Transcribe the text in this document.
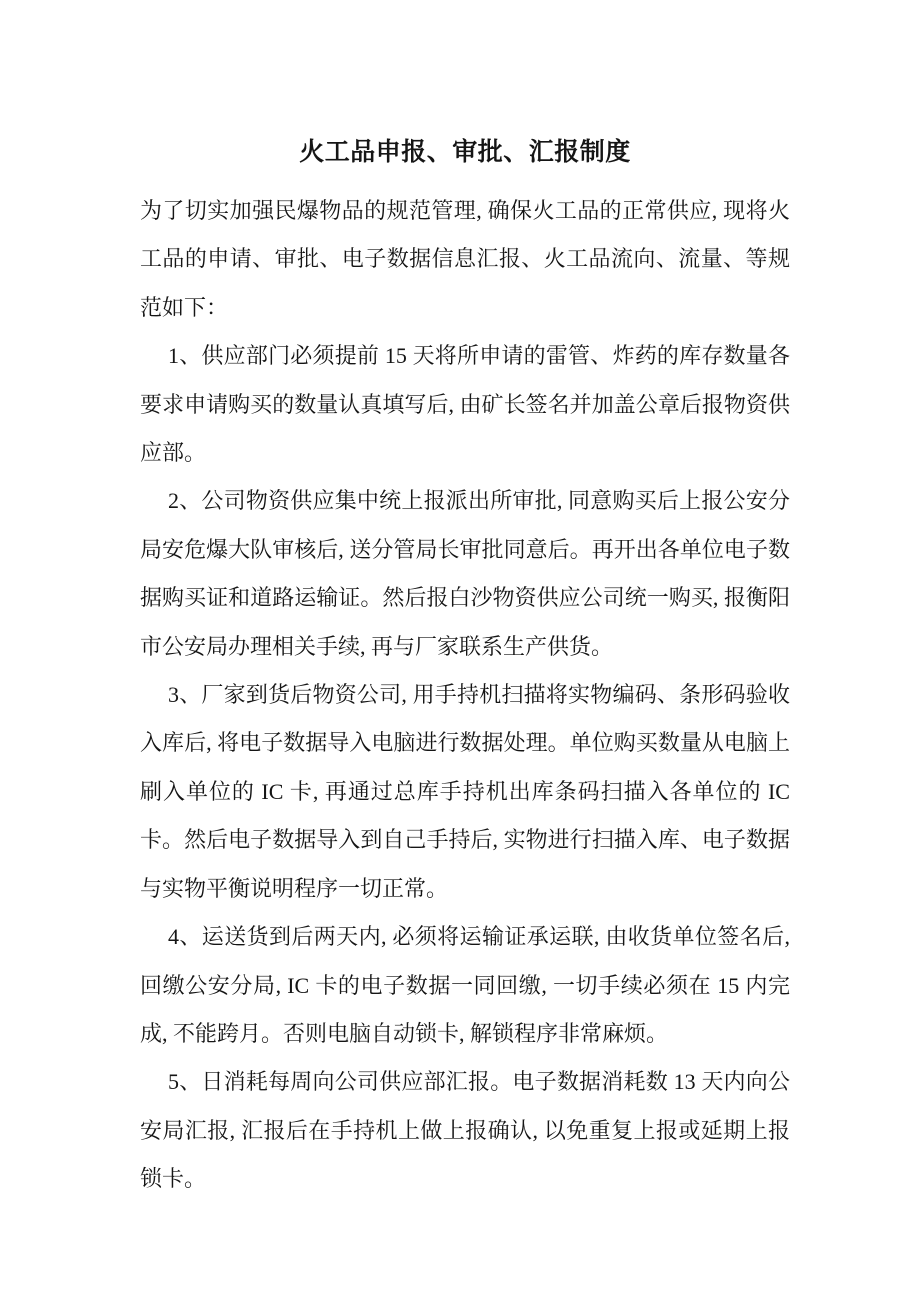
火工品申报、审批、汇报制度

为了切实加强民爆物品的规范管理, 确保火工品的正常供应, 现将火工品的申请、审批、电子数据信息汇报、火工品流向、流量、等规范如下：

1、供应部门必须提前 15 天将所申请的雷管、炸药的库存数量各要求申请购买的数量认真填写后, 由矿长签名并加盖公章后报物资供应部。

2、公司物资供应集中统上报派出所审批, 同意购买后上报公安分局安危爆大队审核后, 送分管局长审批同意后。再开出各单位电子数据购买证和道路运输证。然后报白沙物资供应公司统一购买, 报衡阳市公安局办理相关手续, 再与厂家联系生产供货。

3、厂家到货后物资公司, 用手持机扫描将实物编码、条形码验收入库后, 将电子数据导入电脑进行数据处理。单位购买数量从电脑上刷入单位的 IC 卡, 再通过总库手持机出库条码扫描入各单位的 IC 卡。然后电子数据导入到自己手持后, 实物进行扫描入库、电子数据与实物平衡说明程序一切正常。

4、运送货到后两天内, 必须将运输证承运联, 由收货单位签名后, 回缴公安分局, IC 卡的电子数据一同回缴, 一切手续必须在 15 内完成, 不能跨月。否则电脑自动锁卡, 解锁程序非常麻烦。

5、日消耗每周向公司供应部汇报。电子数据消耗数 13 天内向公安局汇报, 汇报后在手持机上做上报确认, 以免重复上报或延期上报锁卡。
